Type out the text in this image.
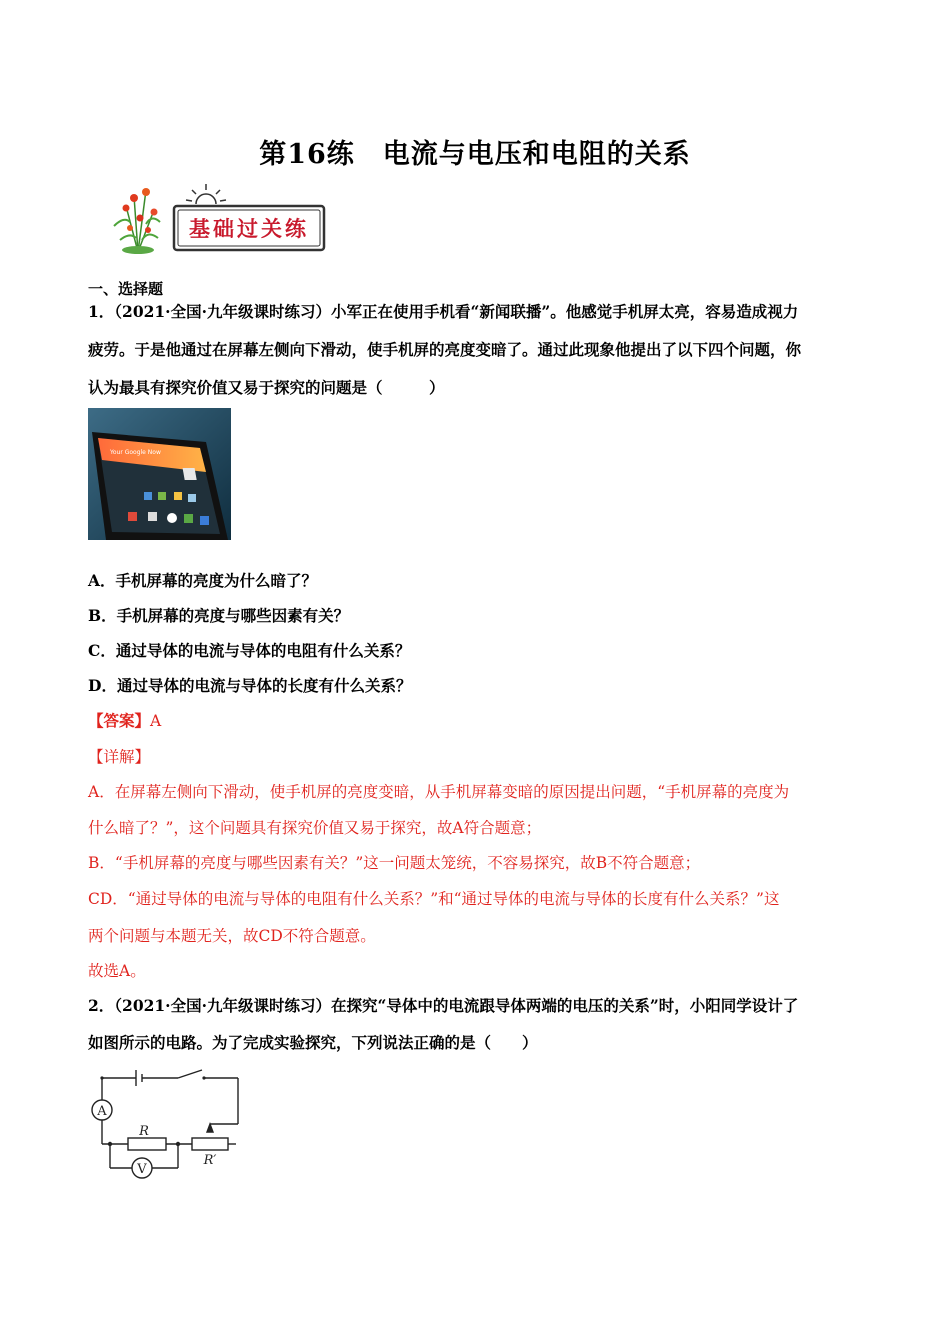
第16练　电流与电压和电阻的关系
基础过关练
一、选择题
1．（2021·全国·九年级课时练习）小军正在使用手机看“新闻联播”。他感觉手机屏太亮，容易造成视力
疲劳。于是他通过在屏幕左侧向下滑动，使手机屏的亮度变暗了。通过此现象他提出了以下四个问题，你
认为最具有探究价值又易于探究的问题是（　　　）
Your Google Now
A．手机屏幕的亮度为什么暗了？
B．手机屏幕的亮度与哪些因素有关？
C．通过导体的电流与导体的电阻有什么关系？
D．通过导体的电流与导体的长度有什么关系？
【答案】A
【详解】
A．在屏幕左侧向下滑动，使手机屏的亮度变暗，从手机屏幕变暗的原因提出问题，“手机屏幕的亮度为
什么暗了？”，这个问题具有探究价值又易于探究，故A符合题意；
B．“手机屏幕的亮度与哪些因素有关？”这一问题太笼统，不容易探究，故B不符合题意；
CD．“通过导体的电流与导体的电阻有什么关系？”和“通过导体的电流与导体的长度有什么关系？”这
两个问题与本题无关，故CD不符合题意。
故选A。
2．（2021·全国·九年级课时练习）在探究“导体中的电流跟导体两端的电压的关系”时，小阳同学设计了
如图所示的电路。为了完成实验探究，下列说法正确的是（　　）
A
V
R
R′
